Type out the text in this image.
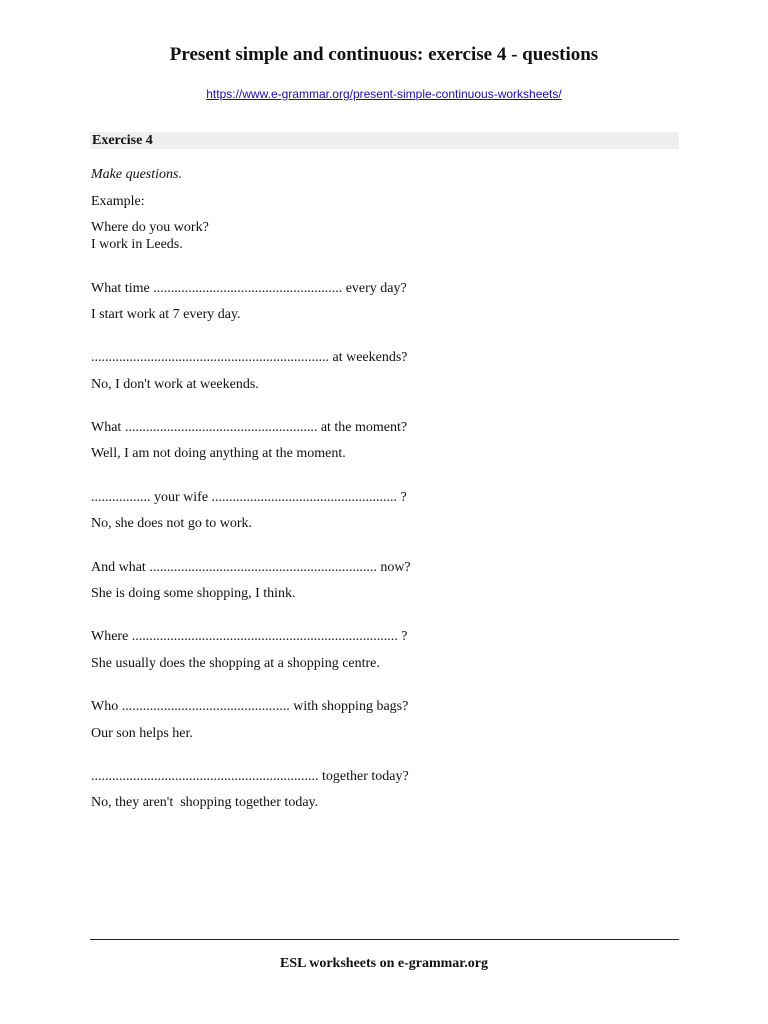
Present simple and continuous: exercise 4 - questions
https://www.e-grammar.org/present-simple-continuous-worksheets/
Exercise 4
Make questions.
Example:
Where do you work?
I work in Leeds.
What time ...................................................... every day?
I start work at 7 every day.
.................................................................... at weekends?
No, I don't work at weekends.
What ....................................................... at the moment?
Well, I am not doing anything at the moment.
................. your wife ..................................................... ?
No, she does not go to work.
And what ................................................................. now?
She is doing some shopping, I think.
Where ............................................................................ ?
She usually does the shopping at a shopping centre.
Who ................................................ with shopping bags?
Our son helps her.
................................................................. together today?
No, they aren't  shopping together today.
ESL worksheets on e-grammar.org
